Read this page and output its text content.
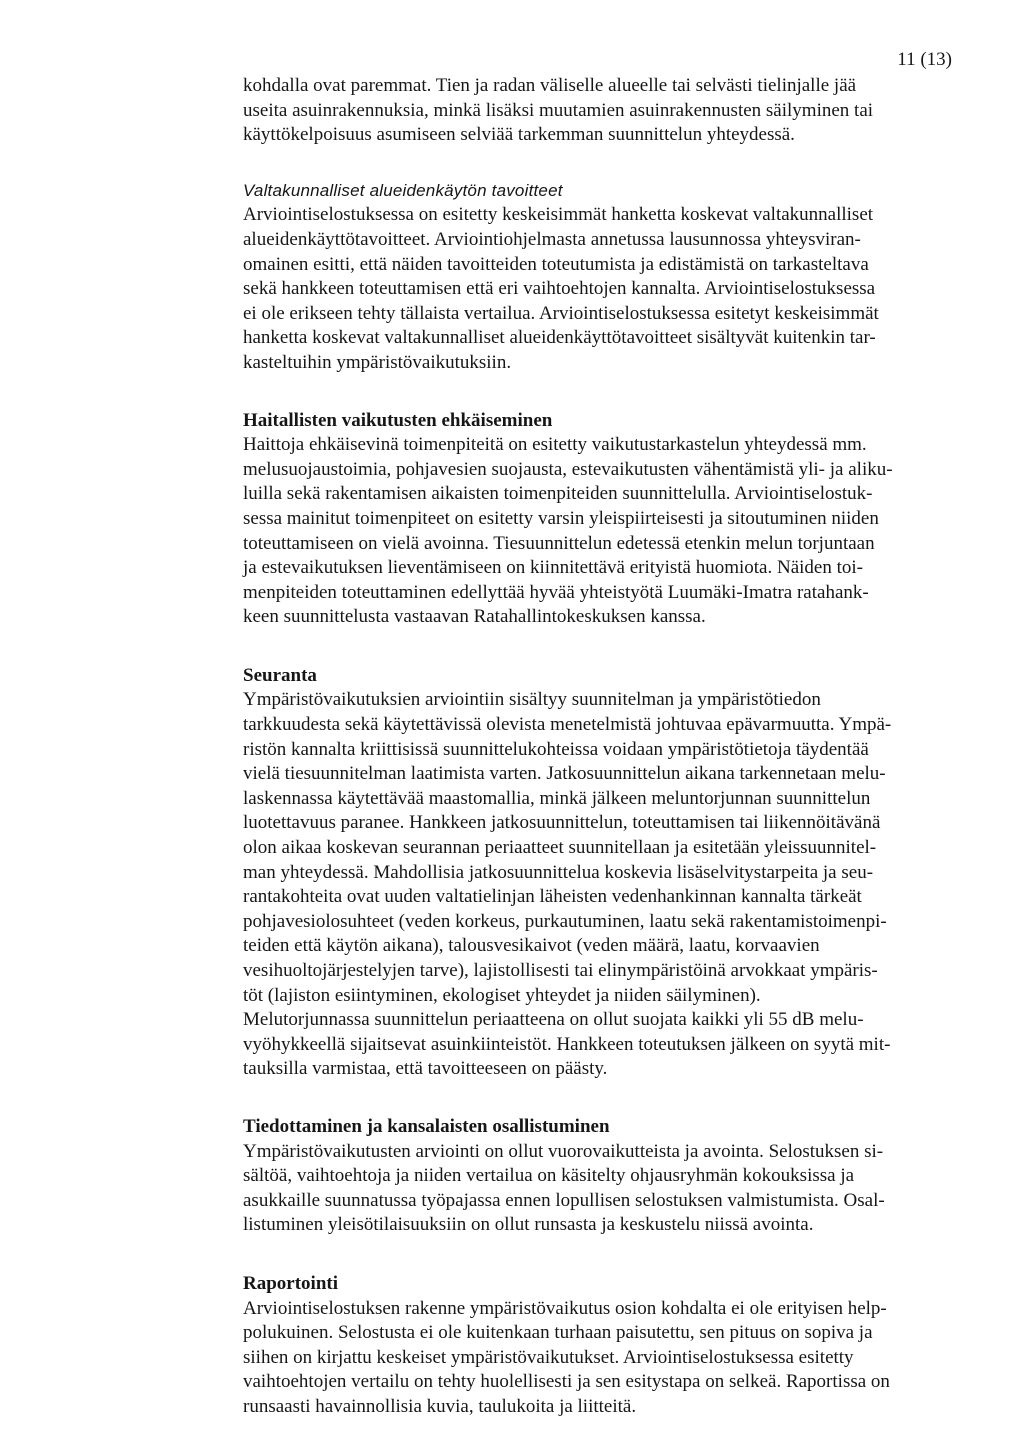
11 (13)

kohdalla ovat paremmat. Tien ja radan väliselle alueelle tai selvästi tielinjalle jää
useita asuinrakennuksia, minkä lisäksi muutamien asuinrakennusten säilyminen tai
käyttökelpoisuus asumiseen selviää tarkemman suunnittelun yhteydessä.
Valtakunnalliset alueidenkäytön tavoitteet
Arviointiselostuksessa on esitetty keskeisimmät hanketta koskevat valtakunnalliset
alueidenkäyttötavoitteet. Arviointiohjelmasta annetussa lausunnossa yhteysviran-
omainen esitti, että näiden tavoitteiden toteutumista ja edistämistä on tarkasteltava
sekä hankkeen toteuttamisen että eri vaihtoehtojen kannalta. Arviointiselostuksessa
ei ole erikseen tehty tällaista vertailua. Arviointiselostuksessa esitetyt keskeisimmät
hanketta koskevat valtakunnalliset alueidenkäyttötavoitteet sisältyvät kuitenkin tar-
kasteltuihin ympäristövaikutuksiin.
Haitallisten vaikutusten ehkäiseminen
Haittoja ehkäisevinä toimenpiteitä on esitetty vaikutustarkastelun yhteydessä mm.
melusuojaustoimia, pohjavesien suojausta, estevaikutusten vähentämistä yli- ja aliku-
luilla sekä rakentamisen aikaisten toimenpiteiden suunnittelulla. Arviointiselostuk-
sessa mainitut toimenpiteet on esitetty varsin yleispiirteisesti ja sitoutuminen niiden
toteuttamiseen on vielä avoinna. Tiesuunnittelun edetessä etenkin melun torjuntaan
ja estevaikutuksen lieventämiseen on kiinnitettävä erityistä huomiota. Näiden toi-
menpiteiden toteuttaminen edellyttää hyvää yhteistyötä Luumäki-Imatra ratahank-
keen suunnittelusta vastaavan Ratahallintokeskuksen kanssa.
Seuranta
Ympäristövaikutuksien arviointiin sisältyy suunnitelman ja ympäristötiedon
tarkkuudesta sekä käytettävissä olevista menetelmistä johtuvaa epävarmuutta. Ympä-
ristön kannalta kriittisissä suunnittelukohteissa voidaan ympäristötietoja täydentää
vielä tiesuunnitelman laatimista varten. Jatkosuunnittelun aikana tarkennetaan melu-
laskennassa käytettävää maastomallia, minkä jälkeen meluntorjunnan suunnittelun
luotettavuus paranee. Hankkeen jatkosuunnittelun, toteuttamisen tai liikennöitävänä
olon aikaa koskevan seurannan periaatteet suunnitellaan ja esitetään yleissuunnitel-
man yhteydessä. Mahdollisia jatkosuunnittelua koskevia lisäselvitystarpeita ja seu-
rantakohteita ovat uuden valtatielinjan läheisten vedenhankinnan kannalta tärkeät
pohjavesiolosuhteet (veden korkeus, purkautuminen, laatu sekä rakentamistoimenpi-
teiden että käytön aikana), talousvesikaivot (veden määrä, laatu, korvaavien
vesihuoltojärjestelyjen tarve), lajistollisesti tai elinympäristöinä arvokkaat ympäris-
töt (lajiston esiintyminen, ekologiset yhteydet ja niiden säilyminen).
Melutorjunnassa suunnittelun periaatteena on ollut suojata kaikki yli 55 dB melu-
vyöhykkeellä sijaitsevat asuinkiinteistöt. Hankkeen toteutuksen jälkeen on syytä mit-
tauksilla varmistaa, että tavoitteeseen on päästy.
Tiedottaminen ja kansalaisten osallistuminen
Ympäristövaikutusten arviointi on ollut vuorovaikutteista ja avointa. Selostuksen si-
sältöä, vaihtoehtoja ja niiden vertailua on käsitelty ohjausryhmän kokouksissa ja
asukkaille suunnatussa työpajassa ennen lopullisen selostuksen valmistumista. Osal-
listuminen yleisötilaisuuksiin on ollut runsasta ja keskustelu niissä avointa.
Raportointi
Arviointiselostuksen rakenne ympäristövaikutus osion kohdalta ei ole erityisen help-
polukuinen. Selostusta ei ole kuitenkaan turhaan paisutettu, sen pituus on sopiva ja
siihen on kirjattu keskeiset ympäristövaikutukset. Arviointiselostuksessa esitetty
vaihtoehtojen vertailu on tehty huolellisesti ja sen esitystapa on selkeä. Raportissa on
runsaasti havainnollisia kuvia, taulukoita ja liitteitä.
